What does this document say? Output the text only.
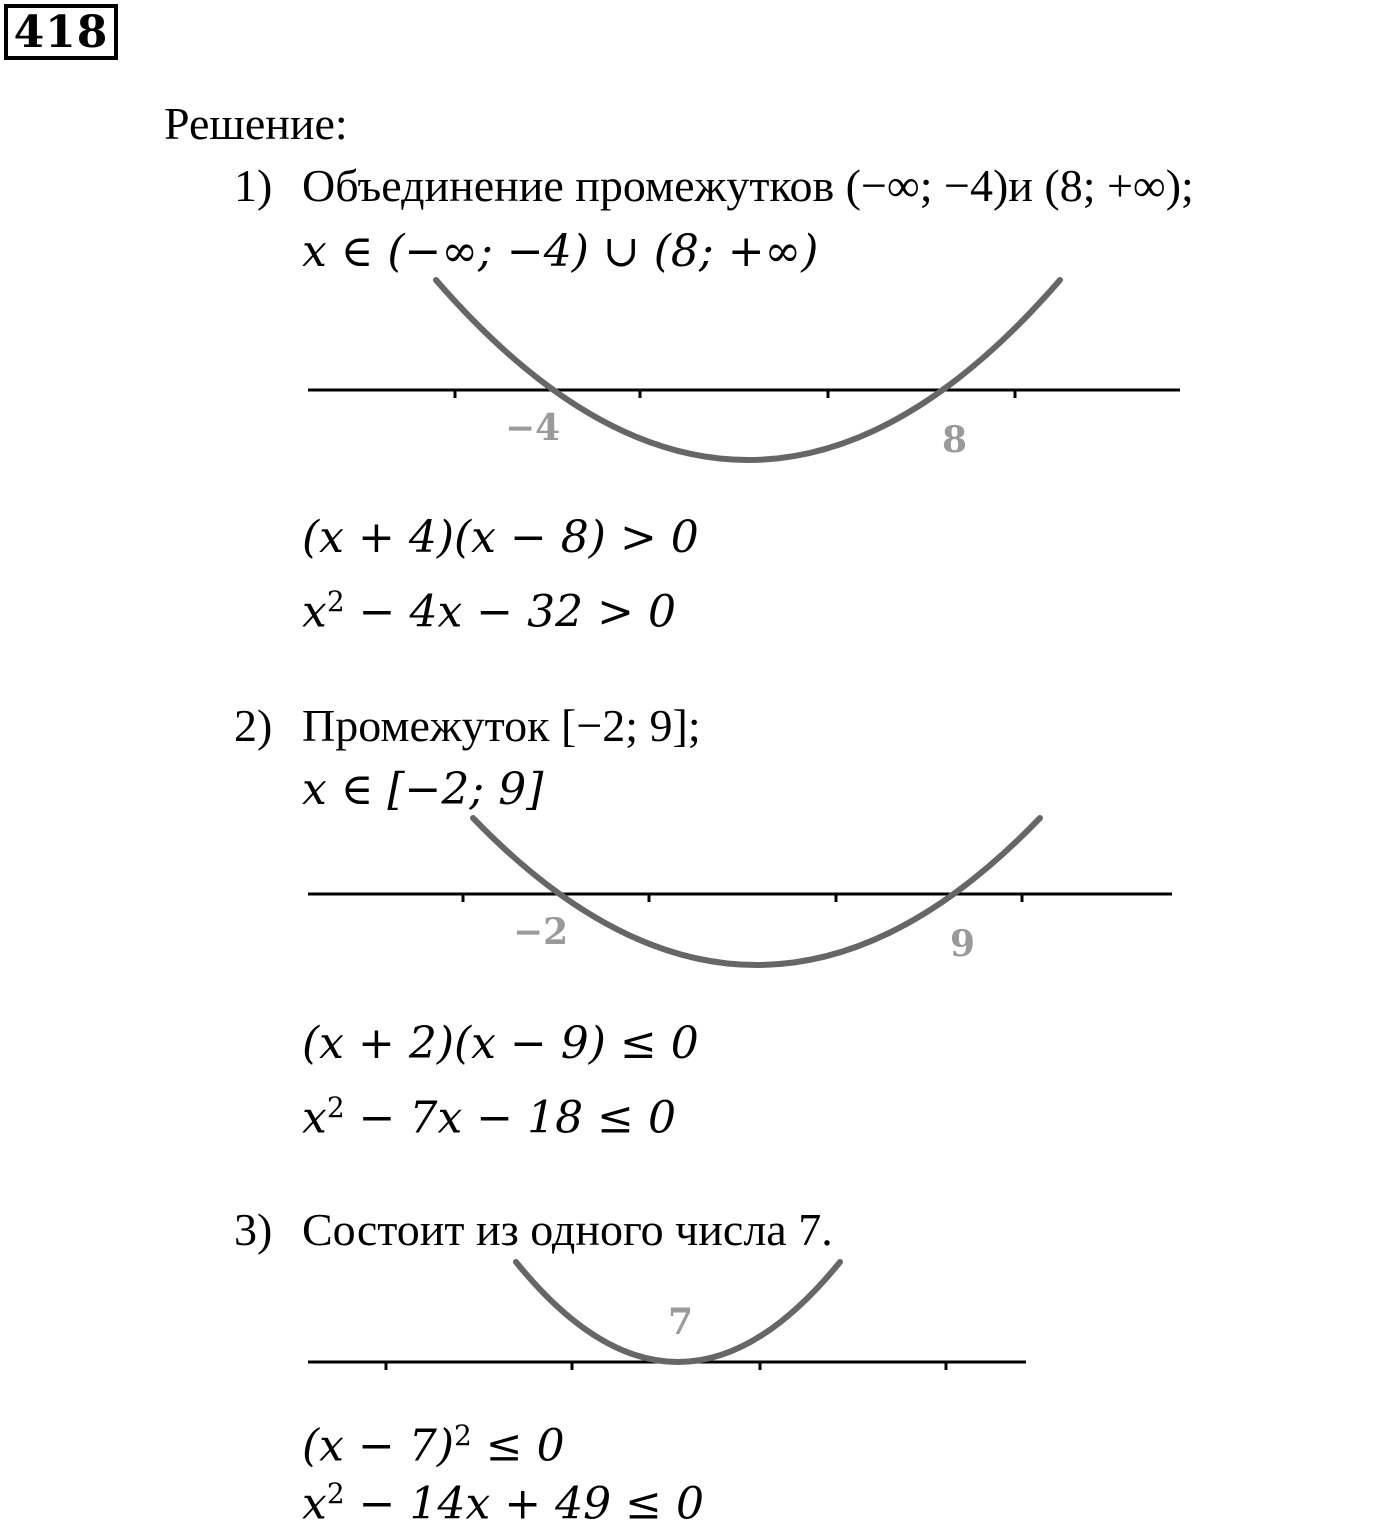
418
Решение:
1) Объединение промежутков (−∞; −4)и (8; +∞);
x ∈ (−∞; −4) ∪ (8; +∞)
−4	8
(x + 4)(x − 8) > 0
$x^2 - 4x - 32 > 0$
2) Промежуток [−2; 9];
x ∈ [−2; 9]
−2	9
(x + 2)(x − 9) ≤ 0
$x^2 - 7x - 18 \le 0$
3) Состоит из одного числа 7.
7
$(x - 7)^2 \le 0$
$x^2 - 14x + 49 \le 0$
